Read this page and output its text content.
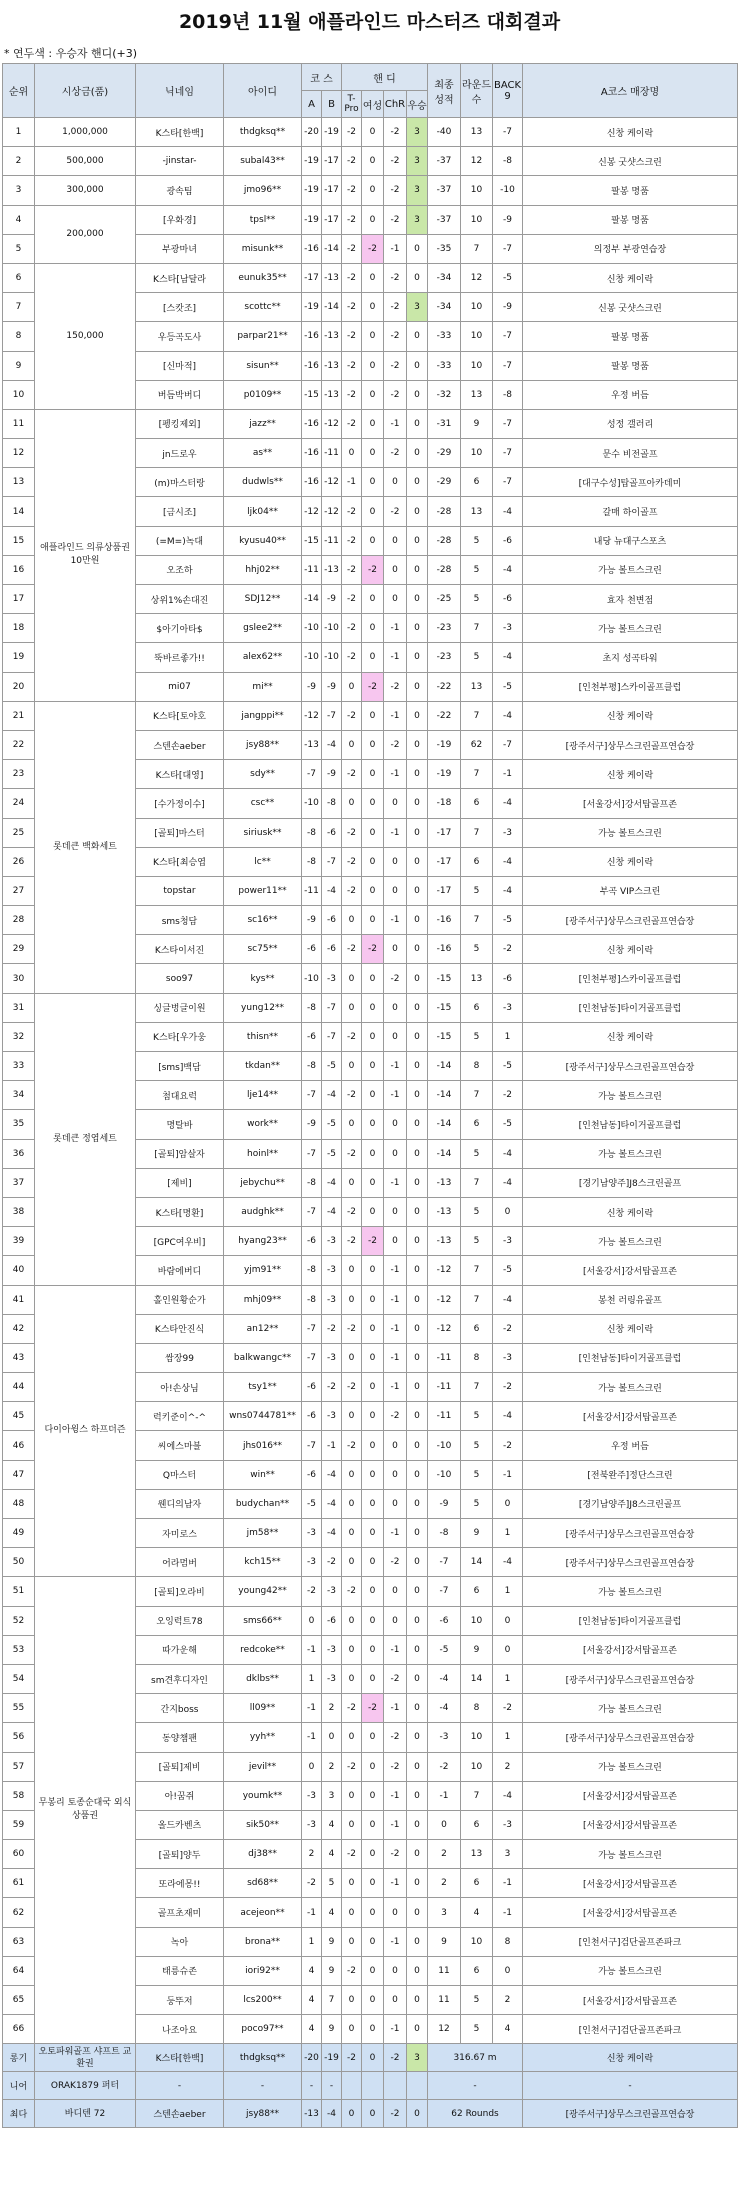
2019년 11월 애플라인드 마스터즈 대회결과
* 연두색 : 우승자 핸디(+3)
순위	시상금(품)	닉네임	아이디	코 스		핸 디				최종 성적	라운드 수	BACK 9	A코스 매장명
				A	B	T-Pro	여성	ChR	우승				
1	1,000,000	K스타[한백]	thdgksq**	-20	-19	-2	0	-2	3	-40	13	-7	신창 케이락
2	500,000	-jinstar-	subal43**	-19	-17	-2	0	-2	3	-37	12	-8	신봉 굿샷스크린
3	300,000	광속팀	jmo96**	-19	-17	-2	0	-2	3	-37	10	-10	팔봉 명품
4	200,000	[우화경]	tpsl**	-19	-17	-2	0	-2	3	-37	10	-9	팔봉 명품
5		부광마녀	misunk**	-16	-14	-2	-2	-1	0	-35	7	-7	의정부 부광연습장
6	150,000	K스타[남달라	eunuk35**	-17	-13	-2	0	-2	0	-34	12	-5	신창 케이락
7		[스캇조]	scottc**	-19	-14	-2	0	-2	3	-34	10	-9	신봉 굿샷스크린
8		우등곡도사	parpar21**	-16	-13	-2	0	-2	0	-33	10	-7	팔봉 명품
9		[신마적]	sisun**	-16	-13	-2	0	-2	0	-33	10	-7	팔봉 명품
10		버듬박버디	p0109**	-15	-13	-2	0	-2	0	-32	13	-8	우정 버듬
11	애플라인드 의류상품권 10만원	[펭킹제외]	jazz**	-16	-12	-2	0	-1	0	-31	9	-7	성정 갤러리
12		jn드로우	as**	-16	-11	0	0	-2	0	-29	10	-7	문수 비전골프
13		(m)마스터랑	dudwls**	-16	-12	-1	0	0	0	-29	6	-7	[대구수성]탑골프아카데미
14		[금시조]	ljk04**	-12	-12	-2	0	-2	0	-28	13	-4	갈매 하이골프
15		(=M=)녹대	kyusu40**	-15	-11	-2	0	0	0	-28	5	-6	내당 뉴대구스포츠
16		오조하	hhj02**	-11	-13	-2	-2	0	0	-28	5	-4	가능 볼트스크린
17		상위1%손대진	SDJ12**	-14	-9	-2	0	0	0	-25	5	-6	효자 천변점
18		$아기아타$	gslee2**	-10	-10	-2	0	-1	0	-23	7	-3	가능 볼트스크린
19		뚝바르좋가!!	alex62**	-10	-10	-2	0	-1	0	-23	5	-4	초지 성곡타워
20		mi07	mi**	-9	-9	0	-2	-2	0	-22	13	-5	[인천부평]스카이골프클럽
21	롯데큰 백화세트	K스타[토야호	jangppi**	-12	-7	-2	0	-1	0	-22	7	-4	신창 케이락
22		스텐손aeber	jsy88**	-13	-4	0	0	-2	0	-19	62	-7	[광주서구]상무스크린골프연습장
23		K스타[대영]	sdy**	-7	-9	-2	0	-1	0	-19	7	-1	신창 케이락
24		[수가정이수]	csc**	-10	-8	0	0	0	0	-18	6	-4	[서울강서]강서탑골프존
25		[골퇴]마스터	siriusk**	-8	-6	-2	0	-1	0	-17	7	-3	가능 볼트스크린
26		K스타[최승엽	lc**	-8	-7	-2	0	0	0	-17	6	-4	신창 케이락
27		topstar	power11**	-11	-4	-2	0	0	0	-17	5	-4	부곡 VIP스크린
28		sms청담	sc16**	-9	-6	0	0	-1	0	-16	7	-5	[광주서구]상무스크린골프연습장
29		K스타이서진	sc75**	-6	-6	-2	-2	0	0	-16	5	-2	신창 케이락
30		soo97	kys**	-10	-3	0	0	-2	0	-15	13	-6	[인천부평]스카이골프클럽
31	롯데큰 정엽세트	싱글벙글이원	yung12**	-8	-7	0	0	0	0	-15	6	-3	[인천남동]타이거골프클럽
32		K스타[우가웅	thisn**	-6	-7	-2	0	0	0	-15	5	1	신창 케이락
33		[sms]백담	tkdan**	-8	-5	0	0	-1	0	-14	8	-5	[광주서구]상무스크린골프연습장
34		첨대요럭	lje14**	-7	-4	-2	0	-1	0	-14	7	-2	가능 볼트스크린
35		명탈바	work**	-9	-5	0	0	0	0	-14	6	-5	[인천남동]타이거골프클럽
36		[골퇴]암살자	hoinl**	-7	-5	-2	0	0	0	-14	5	-4	가능 볼트스크린
37		[제비]	jebychu**	-8	-4	0	0	-1	0	-13	7	-4	[경기남양주]J8스크린골프
38		K스타[명환]	audghk**	-7	-4	-2	0	0	0	-13	5	0	신창 케이락
39		[GPC여우비]	hyang23**	-6	-3	-2	-2	0	0	-13	5	-3	가능 볼트스크린
40		바람에버디	yjm91**	-8	-3	0	0	-1	0	-12	7	-5	[서울강서]강서탑골프존
41	다이아윙스 하프더즌	홀인원황순가	mhj09**	-8	-3	0	0	-1	0	-12	7	-4	봉천 러링유골프
42		K스타안진식	an12**	-7	-2	-2	0	-1	0	-12	6	-2	신창 케이락
43		쌈장99	balkwangc**	-7	-3	0	0	-1	0	-11	8	-3	[인천남동]타이거골프클럽
44		아!손상님	tsy1**	-6	-2	-2	0	-1	0	-11	7	-2	가능 볼트스크린
45		럭키준이^-^	wns0744781**	-6	-3	0	0	-2	0	-11	5	-4	[서울강서]강서탑골프존
46		씨에스마블	jhs016**	-7	-1	-2	0	0	0	-10	5	-2	우정 버듬
47		Q마스터	win**	-6	-4	0	0	0	0	-10	5	-1	[전북완주]정단스크린
48		웬디의남자	budychan**	-5	-4	0	0	0	0	-9	5	0	[경기남양주]J8스크린골프
49		자미로스	jm58**	-3	-4	0	0	-1	0	-8	9	1	[광주서구]상무스크린골프연습장
50		어라멈버	kch15**	-3	-2	0	0	-2	0	-7	14	-4	[광주서구]상무스크린골프연습장
51	무봉리 토종순대국 외식상품권	[골퇴]오라비	young42**	-2	-3	-2	0	0	0	-7	6	1	가능 볼트스크린
52		오잉럭트78	sms66**	0	-6	0	0	0	0	-6	10	0	[인천남동]타이거골프클럽
53		따가운해	redcoke**	-1	-3	0	0	-1	0	-5	9	0	[서울강서]강서탑골프존
54		sm견후디자인	dklbs**	1	-3	0	0	-2	0	-4	14	1	[광주서구]상무스크린골프연습장
55		간지boss	ll09**	-1	2	-2	-2	-1	0	-4	8	-2	가능 볼트스크린
56		동양챔팬	yyh**	-1	0	0	0	-2	0	-3	10	1	[광주서구]상무스크린골프연습장
57		[골퇴]제비	jevil**	0	2	-2	0	-2	0	-2	10	2	가능 볼트스크린
58		아!꿈쥐	youmk**	-3	3	0	0	-1	0	-1	7	-4	[서울강서]강서탑골프존
59		올드카벤츠	sik50**	-3	4	0	0	-1	0	0	6	-3	[서울강서]강서탑골프존
60		[골퇴]양두	dj38**	2	4	-2	0	-2	0	2	13	3	가능 볼트스크린
61		또라에몽!!	sd68**	-2	5	0	0	-1	0	2	6	-1	[서울강서]강서탑골프존
62		골프초재미	acejeon**	-1	4	0	0	0	0	3	4	-1	[서울강서]강서탑골프존
63		녹아	brona**	1	9	0	0	-1	0	9	10	8	[인천서구]검단골프존파크
64		태릉슈존	iori92**	4	9	-2	0	0	0	11	6	0	가능 볼트스크린
65		둥뚜저	lcs200**	4	7	0	0	0	0	11	5	2	[서울강서]강서탑골프존
66		나조아요	poco97**	4	9	0	0	-1	0	12	5	4	[인천서구]검단골프존파크
롱기	오토파워골프 샤프트 교환권	K스타[한백]	thdgksq**	-20	-19	-2	0	-2	3	316.67 m			신창 케이락
니어	ORAK1879 퍼터	-	-	-	-					-			-
최다	바디텐 72	스텐손aeber	jsy88**	-13	-4	0	0	-2	0	62 Rounds			[광주서구]상무스크린골프연습장
